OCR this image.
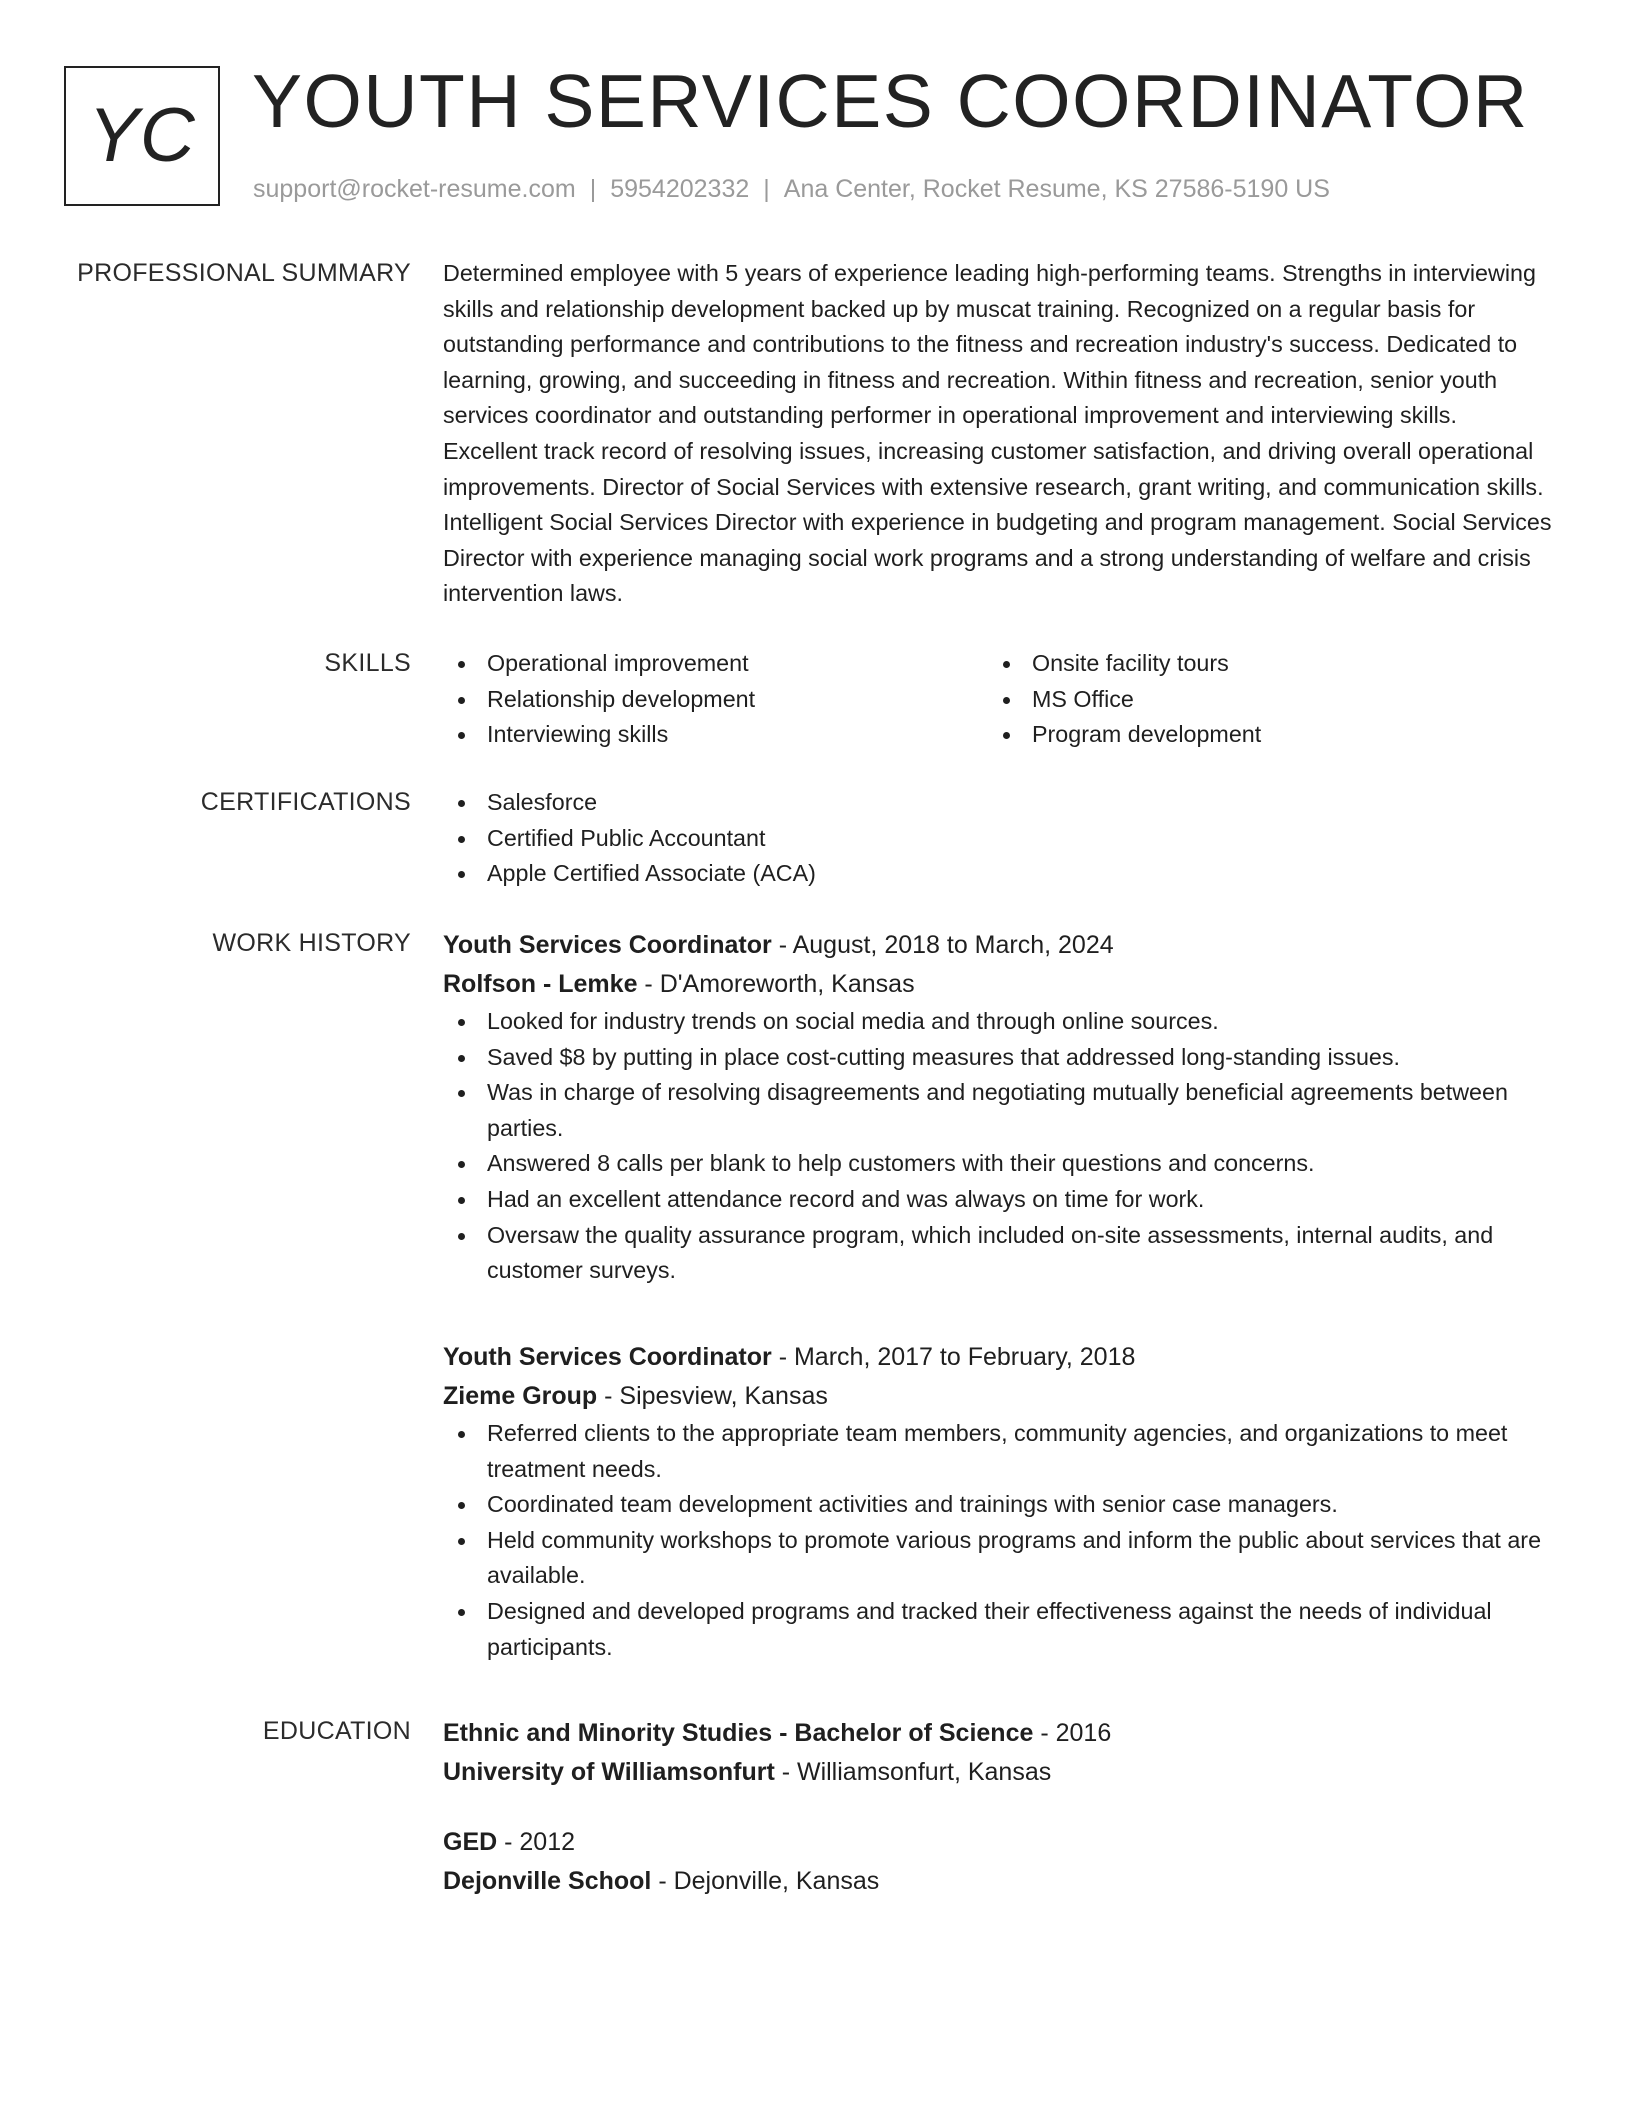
YC YOUTH SERVICES COORDINATOR
support@rocket-resume.com | 5954202332 | Ana Center, Rocket Resume, KS 27586-5190 US
PROFESSIONAL SUMMARY Determined employee with 5 years of experience leading high-performing teams. Strengths in interviewing skills and relationship development backed up by muscat training. Recognized on a regular basis for outstanding performance and contributions to the fitness and recreation industry's success. Dedicated to learning, growing, and succeeding in fitness and recreation. Within fitness and recreation, senior youth services coordinator and outstanding performer in operational improvement and interviewing skills. Excellent track record of resolving issues, increasing customer satisfaction, and driving overall operational improvements. Director of Social Services with extensive research, grant writing, and communication skills. Intelligent Social Services Director with experience in budgeting and program management. Social Services Director with experience managing social work programs and a strong understanding of welfare and crisis intervention laws.

SKILLS	Operational improvement
Relationship development
Interviewing skills
Onsite facility tours
MS Office
Program development
CERTIFICATIONS	Salesforce
Certified Public Accountant
Apple Certified Associate (ACA)
WORK HISTORY Youth Services Coordinator - August, 2018 to March, 2024
Rolfson - Lemke - D'Amoreworth, Kansas
Looked for industry trends on social media and through online sources.
Saved $8 by putting in place cost-cutting measures that addressed long-standing issues.
Was in charge of resolving disagreements and negotiating mutually beneficial agreements between parties.
Answered 8 calls per blank to help customers with their questions and concerns.
Had an excellent attendance record and was always on time for work.
Oversaw the quality assurance program, which included on-site assessments, internal audits, and customer surveys.
Youth Services Coordinator - March, 2017 to February, 2018
Zieme Group - Sipesview, Kansas
Referred clients to the appropriate team members, community agencies, and organizations to meet treatment needs.
Coordinated team development activities and trainings with senior case managers.
Held community workshops to promote various programs and inform the public about services that are available.
Designed and developed programs and tracked their effectiveness against the needs of individual participants.
EDUCATION Ethnic and Minority Studies - Bachelor of Science - 2016
University of Williamsonfurt - Williamsonfurt, Kansas
GED - 2012
Dejonville School - Dejonville, Kansas
